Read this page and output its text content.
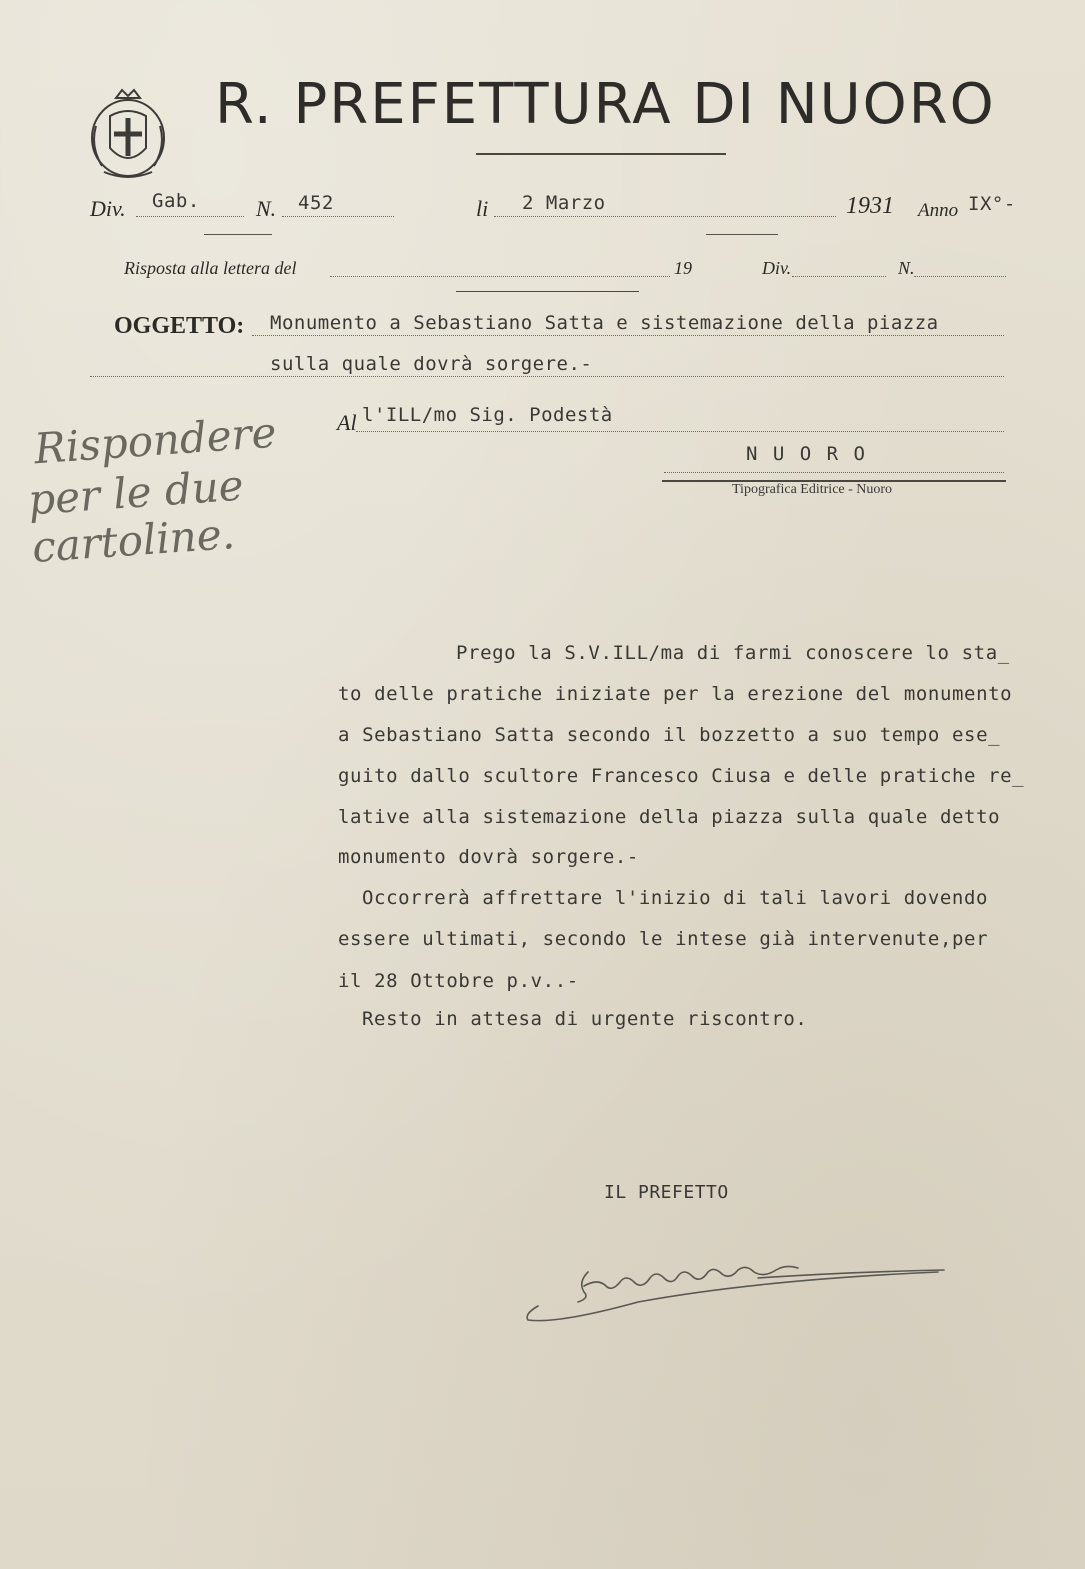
R. PREFETTURA DI NUORO
Div. Gab.	N. 452	li 2 Marzo	1931 Anno IX°-
Risposta alla lettera del	19	Div.	N.
OGGETTO: Monumento a Sebastiano Satta e sistemazione della piazza
sulla quale dovrà sorgere.-
Al l'ILL/mo Sig. Podestà
N U O R O
Tipografica Editrice - Nuoro
Rispondere
per le due
cartoline.
Prego la S.V.ILL/ma di farmi conoscere lo sta_
to delle pratiche iniziate per la erezione del monumento
a Sebastiano Satta secondo il bozzetto a suo tempo ese_
guito dallo scultore Francesco Ciusa e delle pratiche re_
lative alla sistemazione della piazza sulla quale detto
monumento dovrà sorgere.-
Occorrerà affrettare l'inizio di tali lavori dovendo
essere ultimati, secondo le intese già intervenute,per
il 28 Ottobre p.v..-
Resto in attesa di urgente riscontro.
IL PREFETTO
